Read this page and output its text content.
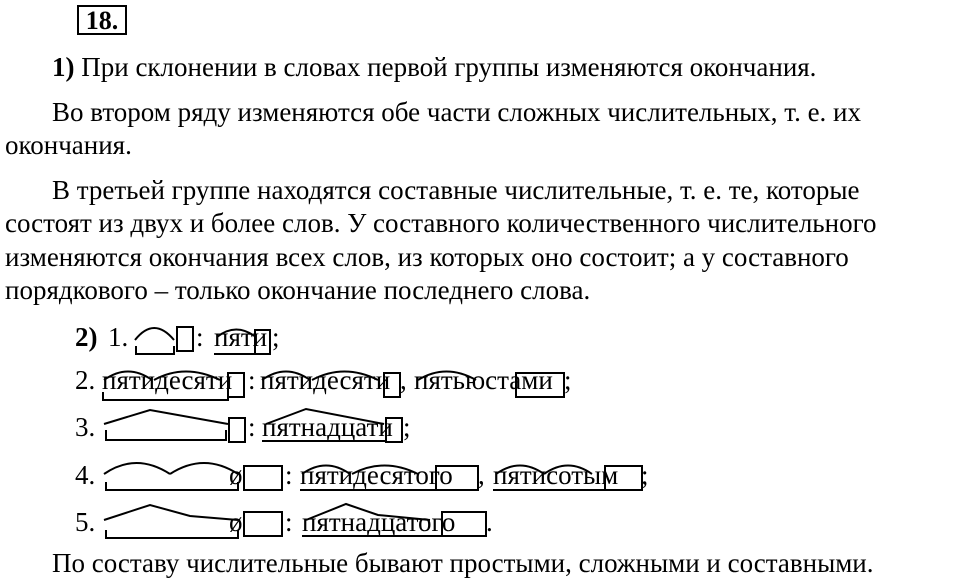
18.
1) При склонении в словах первой группы изменяются окончания.
Во втором ряду изменяются обе части сложных числительных, т. е. их
окончания.
В третьей группе находятся составные числительные, т. е. те, которые
состоят из двух и более слов. У составного количественного числительного
изменяются окончания всех слов, из которых оно состоит; а у составного
порядкового – только окончание последнего слова.
2) 1.	: пяти ;
2. пятидесяти : пятидесяти , пятьюстами ;
3.	: пятнадцати ;
4.	ø : пятидесятого , пятисотым ;
5.	ø : пятнадцатого .
По составу числительные бывают простыми, сложными и составными.
